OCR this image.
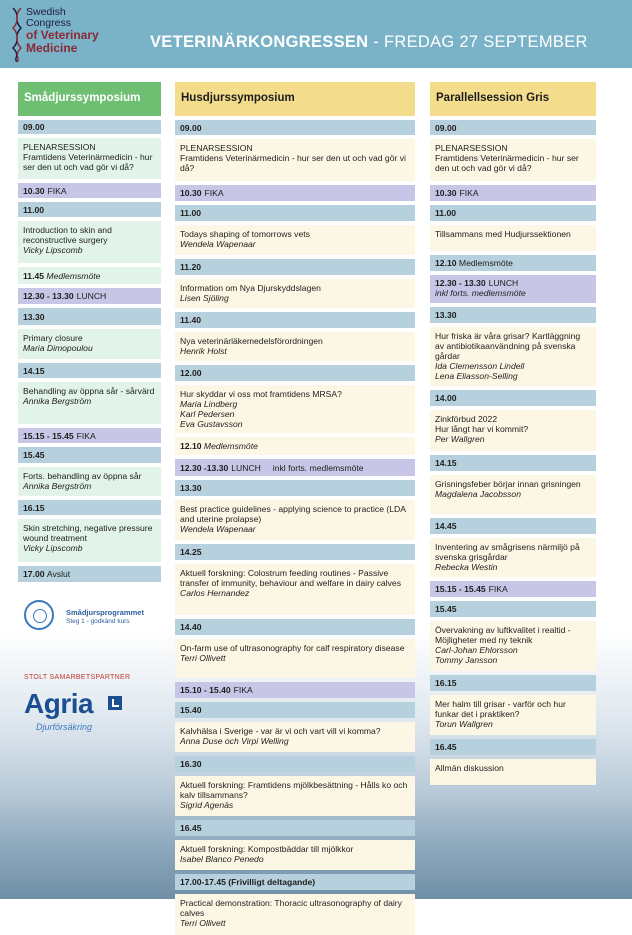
Swedish
Congress
of Veterinary
Medicine	VETERINÄRKONGRESSEN - FREDAG 27 SEPTEMBER
Smådjurssymposium
09.00
PLENARSESSION
Framtidens Veterinärmedicin - hur ser den ut och vad gör vi då?
10.30 FIKA
11.00
Introduction to skin and reconstructive surgery
Vicky Lipscomb
11.45
Medlemsmöte
12.30 - 13.30 LUNCH
13.30
Primary closure
Maria Dimopoulou
14.15
Behandling av öppna sår - sårvärd
Annika Bergström
15.15 - 15.45 FIKA
15.45
Forts. behandling av öppna sår
Annika Bergström
16.15
Skin stretching, negative pressure wound treatment
Vicky Lipscomb
17.00
Avslut
Husdjurssymposium
09.00
PLENARSESSION
Framtidens Veterinärmedicin - hur ser den ut och vad gör vi då?
10.30 FIKA
11.00
Todays shaping of tomorrows vets
Wendela Wapenaar
11.20
Information om Nya Djurskyddslagen
Lisen Sjöling
11.40
Nya veterinärläkemedelsförordningen
Henrik Holst
12.00
Hur skyddar vi oss mot framtidens MRSA?
Maria Lindberg
Karl Pedersen
Eva Gustavsson
12.10
Medlemsmöte
12.30 -13.30 LUNCH     inkl forts. medlemsmöte
13.30
Best practice guidelines - applying science to practice (LDA and uterine prolapse)
Wendela Wapenaar
14.25
Aktuell forskning: Colostrum feeding routines - Passive transfer of immunity, behaviour and welfare in dairy calves
Carlos Hernandez
14.40
On-farm use of ultrasonography for calf respiratory disease
Terri Ollivett
15.10 - 15.40 FIKA
15.40
Kalvhälsa i Sverige - var är vi och vart vill vi komma?
Anna Duse och Virpi Welling
16.30
Aktuell forskning: Framtidens mjölkbesättning - Hålls ko och kalv tillsammans?
Sigrid Agenäs
16.45
Aktuell forskning: Kompostbäddar till mjölkkor
Isabel Blanco Penedo
17.00-17.45
(Frivilligt deltagande)
Practical demonstration: Thoracic ultrasonography of dairy calves
Terri Ollivett
Parallellsession Gris
09.00
PLENARSESSION
Framtidens Veterinärmedicin - hur ser den ut och vad gör vi då?
10.30 FIKA
11.00
Tillsammans med Hudjurssektionen
12.10
Medlemsmöte
12.30 - 13.30 LUNCH
inkl forts. medlemsmöte
13.30
Hur friska är våra grisar? Kartläggning av antibiotikaanvändning på svenska gårdar
Ida Clemensson Lindell
Lena Eliasson-Selling
14.00
Zinkförbud 2022
Hur långt har vi kommit?
Per Wallgren
14.15
Grisningsfeber börjar innan grisningen
Magdalena Jacobsson
14.45
Inventering av smågrisens närmiljö på svenska grisgårdar
Rebecka Westin
15.15 - 15.45 FIKA
15.45
Övervakning av luftkvalitet i realtid - Möjligheter med ny teknik
Carl-Johan Ehlorsson
Tommy Jansson
16.15
Mer halm till grisar - varför och hur funkar det i praktiken?
Torun Wallgren
16.45
Allmän diskussion
Smådjursprogrammet
Steg 1 - godkänd kurs
STOLT SAMARBETSPARTNER
Agria
Djurförsäkring
